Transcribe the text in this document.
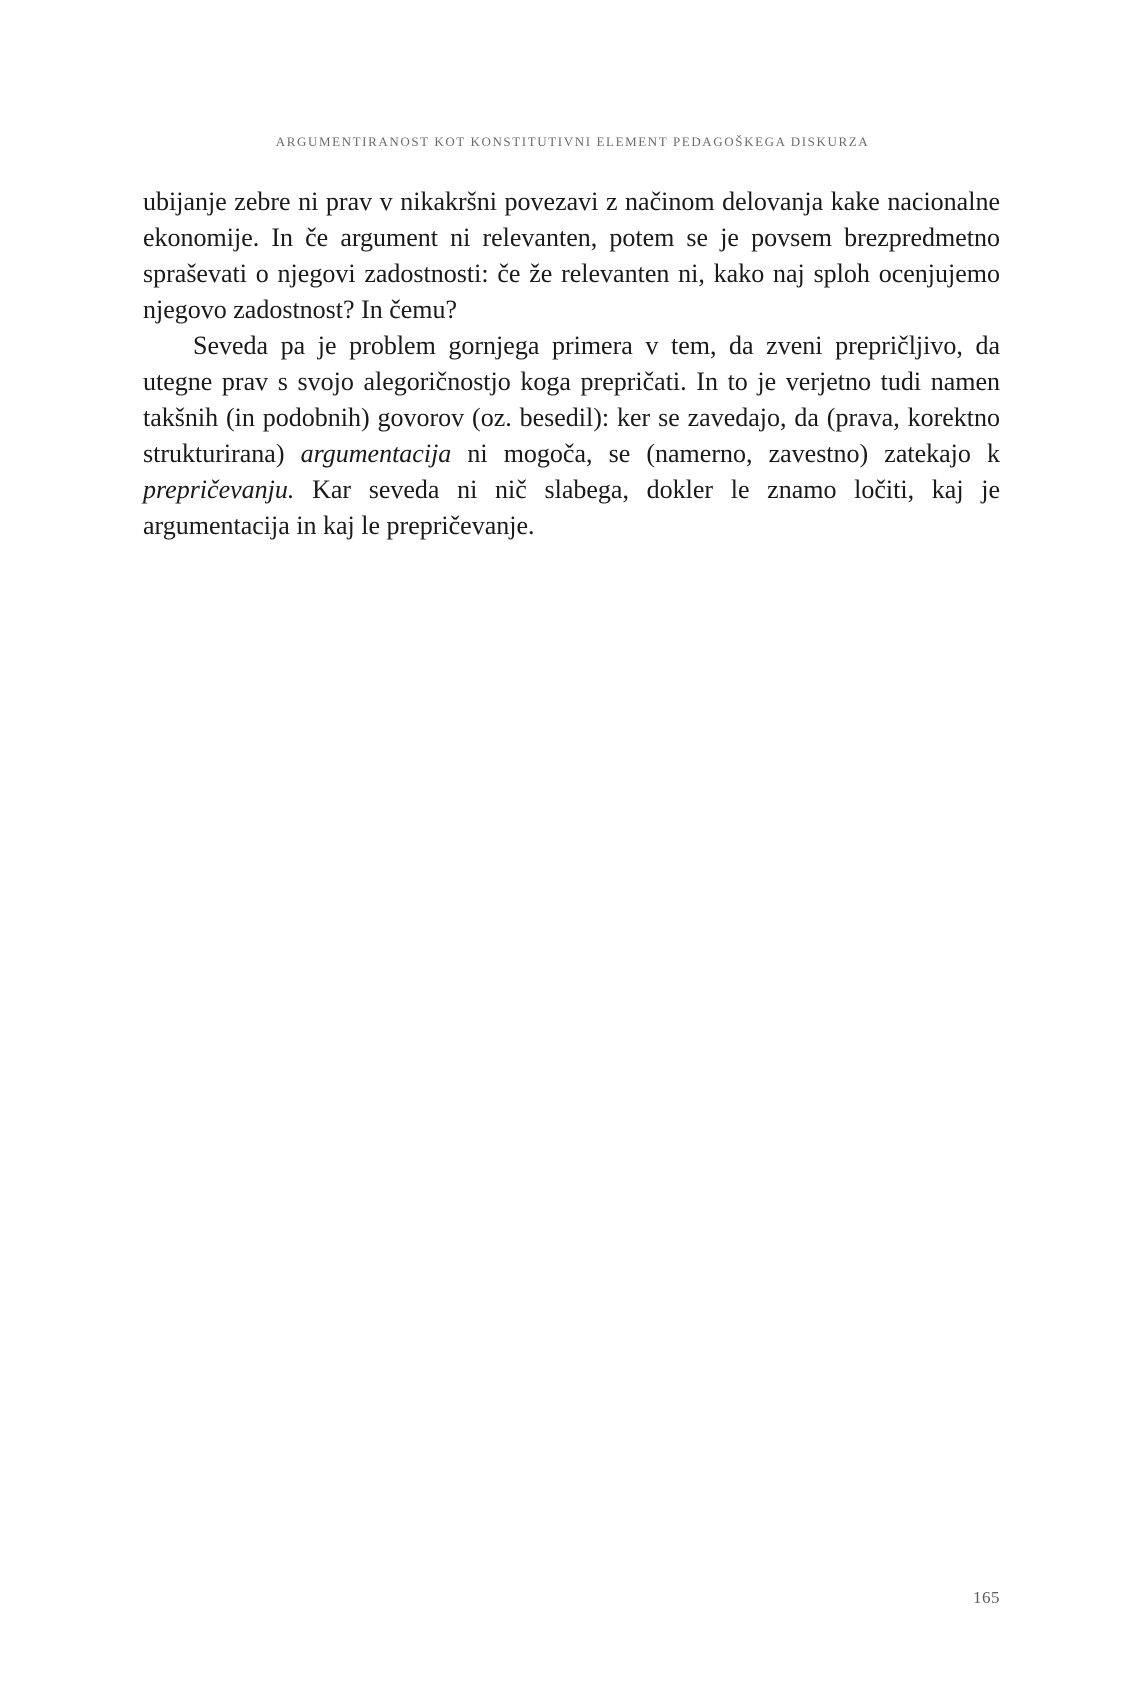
ARGUMENTIRANOST KOT KONSTITUTIVNI ELEMENT PEDAGOŠKEGA DISKURZA

ubijanje zebre ni prav v nikakršni povezavi z načinom delovanja kake nacionalne ekonomije. In če argument ni relevanten, potem se je povsem brezpredmetno spraševati o njegovi zadostnosti: če že relevanten ni, kako naj sploh ocenjujemo njegovo zadostnost? In čemu?

Seveda pa je problem gornjega primera v tem, da zveni prepričljivo, da utegne prav s svojo alegoričnostjo koga prepričati. In to je verjetno tudi namen takšnih (in podobnih) govorov (oz. besedil): ker se zavedajo, da (prava, korektno strukturirana) argumentacija ni mogoča, se (namerno, zavestno) zatekajo k prepričevanju. Kar seveda ni nič slabega, dokler le znamo ločiti, kaj je argumentacija in kaj le prepričevanje.

165
